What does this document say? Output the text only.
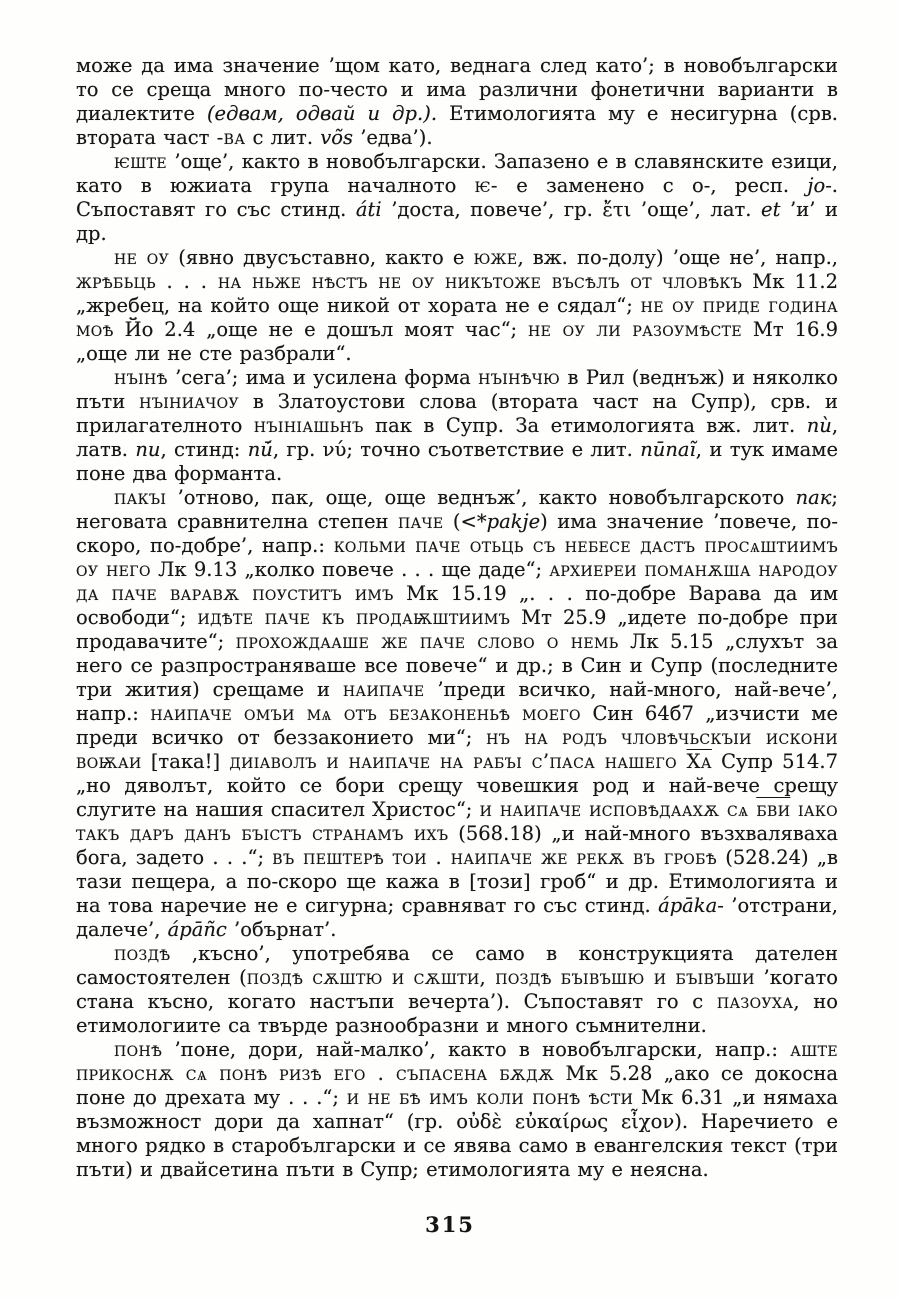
може да има значение ’щом като, веднага след като’; в новобългарски то се среща много по-често и има различни фонетични варианти в диалектите (едвам, одвай и др.). Етимологията му е несигурна (срв. втората част -ва с лит. võs ’едва’).

ѥште ’още’, както в новобългарски. Запазено е в славянските езици, като в южиата група началното ѥ- е заменено с о-, респ. jo-. Съпоставят го със стинд. áti ’доста, повече’, гр. ἔτι ’още’, лат. et ’и’ и др.

не оу (явно двусъставно, както е юже, вж. по-долу) ’още не’, напр., жрѣбьць . . . на ньже нѣстъ не оу никътоже въсѣлъ от чловѣкъ Мк 11.2 „жребец, на който още никой от хората не е сядал“; не оу приде година моѣ Йо 2.4 „още не е дошъл моят час“; не оу ли разоумѣсте Мт 16.9 „още ли не сте разбрали“.

нъінѣ ’сега’; има и усилена форма нъінѣчю в Рил (веднъж) и няколко пъти нъіниачоу в Златоустови слова (втората част на Супр), срв. и прилагателното нъініашьнъ пак в Супр. За етимологията вж. лит. nù, латв. nu, стинд: nū́, гр. νύ; точно съответствие е лит. nūnaĩ, и тук имаме поне два форманта.

пакъі ’отново, пак, още, още веднъж’, както новобългарското пак; неговата сравнителна степен паче (<*pakje) има значение ’повече, по-скоро, по-добре’, напр.: кольми паче отьць съ небесе дастъ просѧштиимъ оу него Лк 9.13 „колко повече . . . ще даде“; архиереи поманѫша народоу да паче варавѫ поуститъ имъ Мк 15.19 „. . . по-добре Варава да им освободи“; идѣте паче къ продаѭштиимъ Мт 25.9 „идете по-добре при продавачите“; прохождааше же паче слово о немь Лк 5.15 „слухът за него се разпространяваше все повече“ и др.; в Син и Супр (последните три жития) срещаме и наипаче ’преди всичко, най-много, най-вече’, напр.: наипаче омъи мѧ отъ безаконеньѣ моего Син 64б7 „изчисти ме преди всичко от беззаконието ми“; нъ на родъ чловѣчьскъіи искони воѭаи [така!] диіаволъ и наипаче на рабъі с’паса нашего Ха Супр 514.7 „но дяволът, който се бори срещу човешкия род и най-вече срещу слугите на нашия спасител Христос“; и наипаче исповѣдаахѫ сѧ бви іако такъ даръ данъ бъістъ странамъ ихъ (568.18) „и най-много възхваляваха бога, задето . . .“; въ пештерѣ тои . наипаче же рекѫ въ гробѣ (528.24) „в тази пещера, а по-скоро ще кажа в [този] гроб“ и др. Етимологията и на това наречие не е сигурна; сравняват го със стинд. ápāka- ’отстрани, далече’, ápāñc ’обърнат’.

поздѣ ,късно’, употребява се само в конструкцията дателен самостоятелен (поздѣ сѫштю и сѫшти, поздѣ бъівъшю и бъівъши ’когато стана късно, когато настъпи вечерта’). Съпоставят го с пазоуха, но етимологиите са твърде разнообразни и много съмнителни.

понѣ ’поне, дори, най-малко’, както в новобългарски, напр.: аште прикоснѫ сѧ понѣ ризѣ его . съпасена бѫдѫ Мк 5.28 „ако се докосна поне до дрехата му . . .“; и не бѣ имъ коли понѣ ѣсти Мк 6.31 „и нямаха възможност дори да хапнат“ (гр. οὐδὲ εὐκαίρως εἶχον). Наречието е много рядко в старобългарски и се явява само в евангелския текст (три пъти) и двайсетина пъти в Супр; етимологията му е неясна.

315
